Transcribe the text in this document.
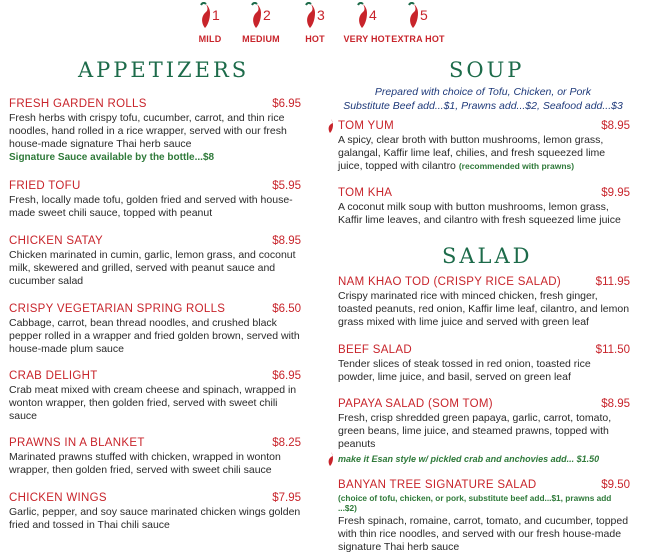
1
MILD
2
MEDIUM
3
HOT
4
VERY HOT
5
EXTRA HOT
APPETIZERS
FRESH GARDEN ROLLS	$6.95
Fresh herbs with crispy tofu, cucumber, carrot, and thin rice noodles, hand rolled in a rice wrapper, served with our fresh house-made signature Thai herb sauce
Signature Sauce available by the bottle...$8
FRIED TOFU	$5.95
Fresh, locally made tofu, golden fried and served with house-made sweet chili sauce, topped with peanut
CHICKEN SATAY	$8.95
Chicken marinated in cumin, garlic, lemon grass, and coconut milk, skewered and grilled, served with peanut sauce and cucumber salad
CRISPY VEGETARIAN SPRING ROLLS	$6.50
Cabbage, carrot, bean thread noodles, and crushed black pepper rolled in a wrapper and fried golden brown, served with house-made plum sauce
CRAB DELIGHT	$6.95
Crab meat mixed with cream cheese and spinach, wrapped in wonton wrapper, then golden fried, served with sweet chili sauce
PRAWNS IN A BLANKET	$8.25
Marinated prawns stuffed with chicken, wrapped in wonton wrapper, then golden fried, served with sweet chili sauce
CHICKEN WINGS	$7.95
Garlic, pepper, and soy sauce marinated chicken wings golden fried and tossed in Thai chili sauce
SOUP
Prepared with choice of Tofu, Chicken, or Pork
Substitute Beef add...$1, Prawns add...$2, Seafood add...$3
TOM YUM	$8.95
A spicy, clear broth with button mushrooms, lemon grass, galangal, Kaffir lime leaf, chilies, and fresh squeezed lime juice, topped with cilantro (recommended with prawns)
TOM KHA	$9.95
A coconut milk soup with button mushrooms, lemon grass, Kaffir lime leaves, and cilantro with fresh squeezed lime juice
SALAD
NAM KHAO TOD (CRISPY RICE SALAD)	$11.95
Crispy marinated rice with minced chicken, fresh ginger, toasted peanuts, red onion, Kaffir lime leaf, cilantro, and lemon grass mixed with lime juice and served with green leaf
BEEF SALAD	$11.50
Tender slices of steak tossed in red onion, toasted rice powder, lime juice, and basil, served on green leaf
PAPAYA SALAD (SOM TOM)	$8.95
Fresh, crisp shredded green papaya, garlic, carrot, tomato, green beans, lime juice, and steamed prawns, topped with peanuts
make it Esan style w/ pickled crab and anchovies add... $1.50
BANYAN TREE SIGNATURE SALAD	$9.50
(choice of tofu, chicken, or pork, substitute beef add...$1, prawns add ...$2)
Fresh spinach, romaine, carrot, tomato, and cucumber, topped with thin rice noodles, and served with our fresh house-made signature Thai herb sauce
